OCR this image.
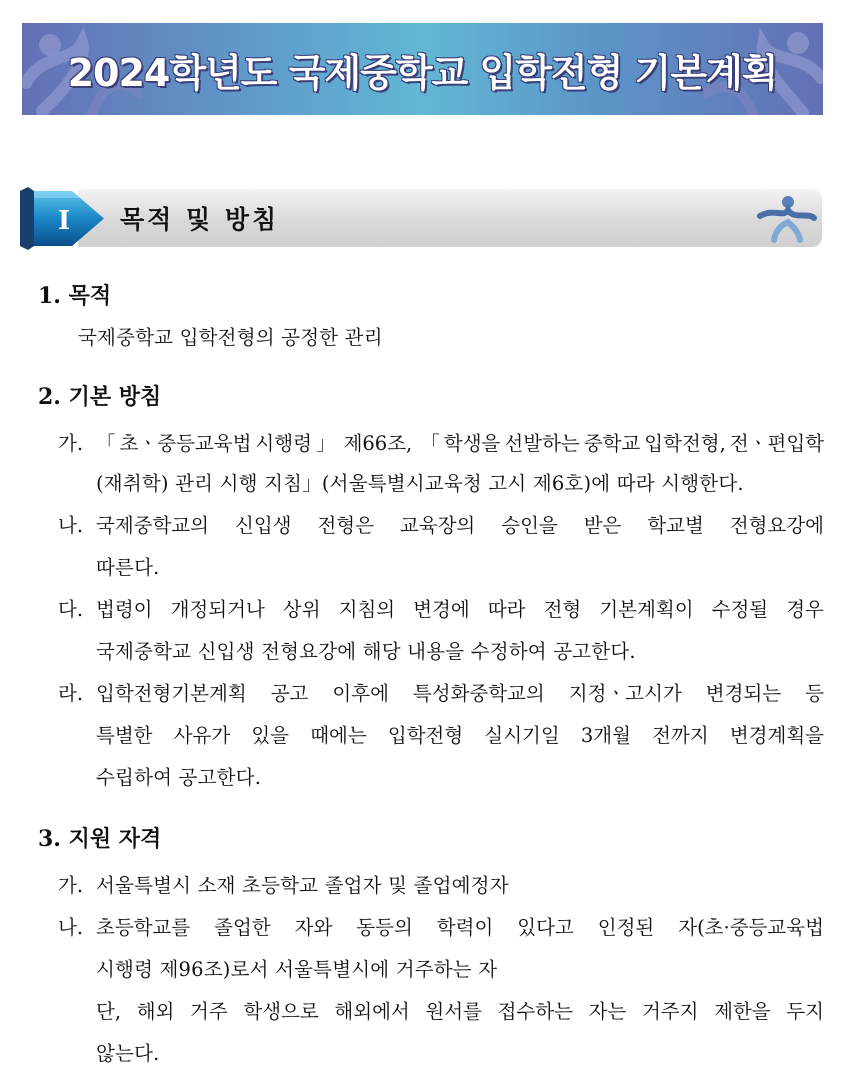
2024학년도 국제중학교 입학전형 기본계획
I 목적 및 방침
1. 목적
국제중학교 입학전형의 공정한 관리
2. 기본 방침
가. 「초ㆍ중등교육법 시행령」 제66조, 「학생을 선발하는 중학교 입학전형, 전ㆍ편입학
(재취학) 관리 시행 지침」(서울특별시교육청 고시 제6호)에 따라 시행한다.
나. 국제중학교의 신입생 전형은 교육장의 승인을 받은 학교별 전형요강에
따른다.
다. 법령이 개정되거나 상위 지침의 변경에 따라 전형 기본계획이 수정될 경우
국제중학교 신입생 전형요강에 해당 내용을 수정하여 공고한다.
라. 입학전형기본계획 공고 이후에 특성화중학교의 지정ㆍ고시가 변경되는 등
특별한 사유가 있을 때에는 입학전형 실시기일 3개월 전까지 변경계획을
수립하여 공고한다.
3. 지원 자격
가. 서울특별시 소재 초등학교 졸업자 및 졸업예정자
나. 초등학교를 졸업한 자와 동등의 학력이 있다고 인정된 자(초·중등교육법
시행령 제96조)로서 서울특별시에 거주하는 자
단, 해외 거주 학생으로 해외에서 원서를 접수하는 자는 거주지 제한을 두지
않는다.
